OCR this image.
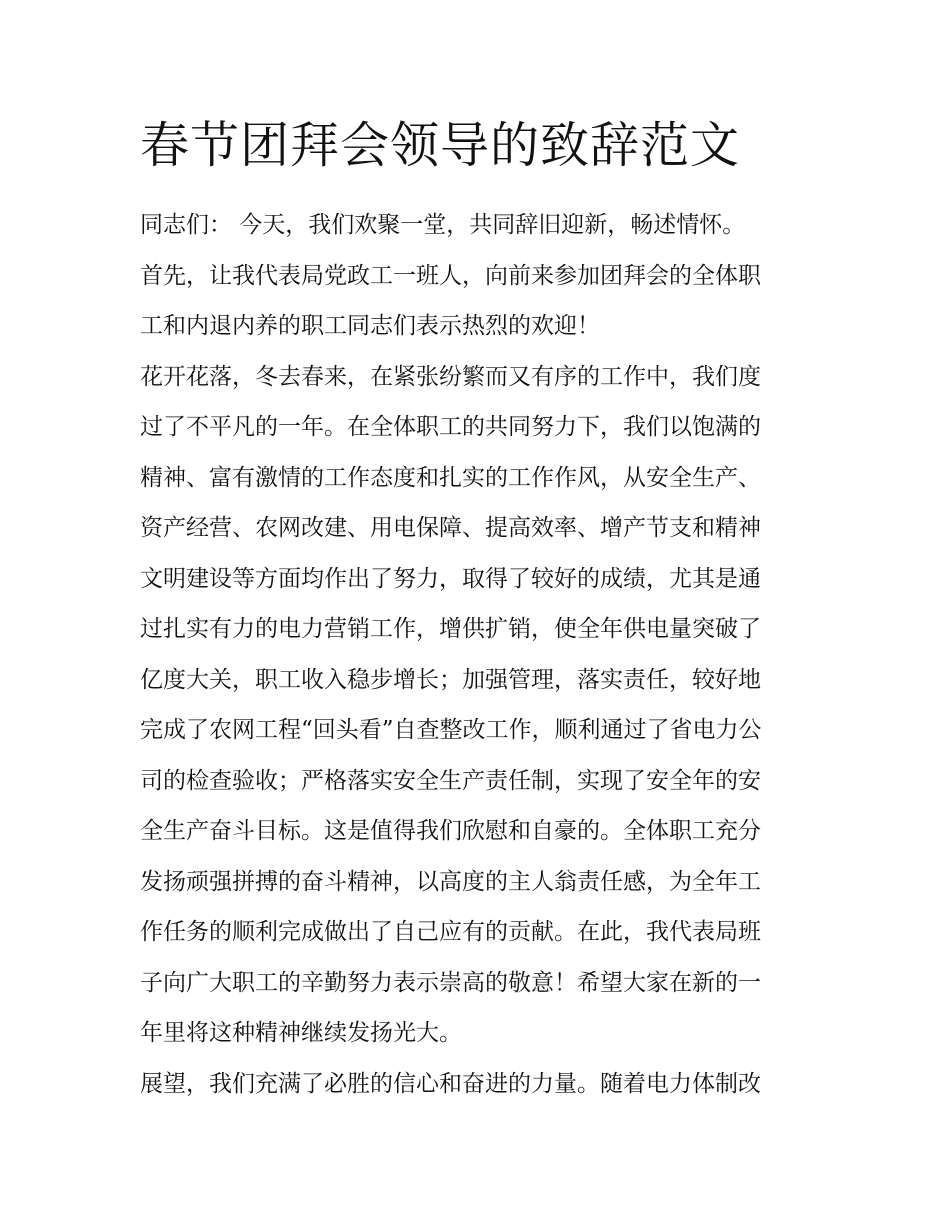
春节团拜会领导的致辞范文
同志们： 今天，我们欢聚一堂，共同辞旧迎新，畅述情怀。
首先，让我代表局党政工一班人，向前来参加团拜会的全体职
工和内退内养的职工同志们表示热烈的欢迎！
花开花落，冬去春来，在紧张纷繁而又有序的工作中，我们度
过了不平凡的一年。在全体职工的共同努力下，我们以饱满的
精神、富有激情的工作态度和扎实的工作作风，从安全生产、
资产经营、农网改建、用电保障、提高效率、增产节支和精神
文明建设等方面均作出了努力，取得了较好的成绩，尤其是通
过扎实有力的电力营销工作，增供扩销，使全年供电量突破了
亿度大关，职工收入稳步增长；加强管理，落实责任，较好地
完成了农网工程“回头看”自查整改工作，顺利通过了省电力公
司的检查验收；严格落实安全生产责任制，实现了安全年的安
全生产奋斗目标。这是值得我们欣慰和自豪的。全体职工充分
发扬顽强拼搏的奋斗精神，以高度的主人翁责任感，为全年工
作任务的顺利完成做出了自己应有的贡献。在此，我代表局班
子向广大职工的辛勤努力表示崇高的敬意！希望大家在新的一
年里将这种精神继续发扬光大。
展望，我们充满了必胜的信心和奋进的力量。随着电力体制改
